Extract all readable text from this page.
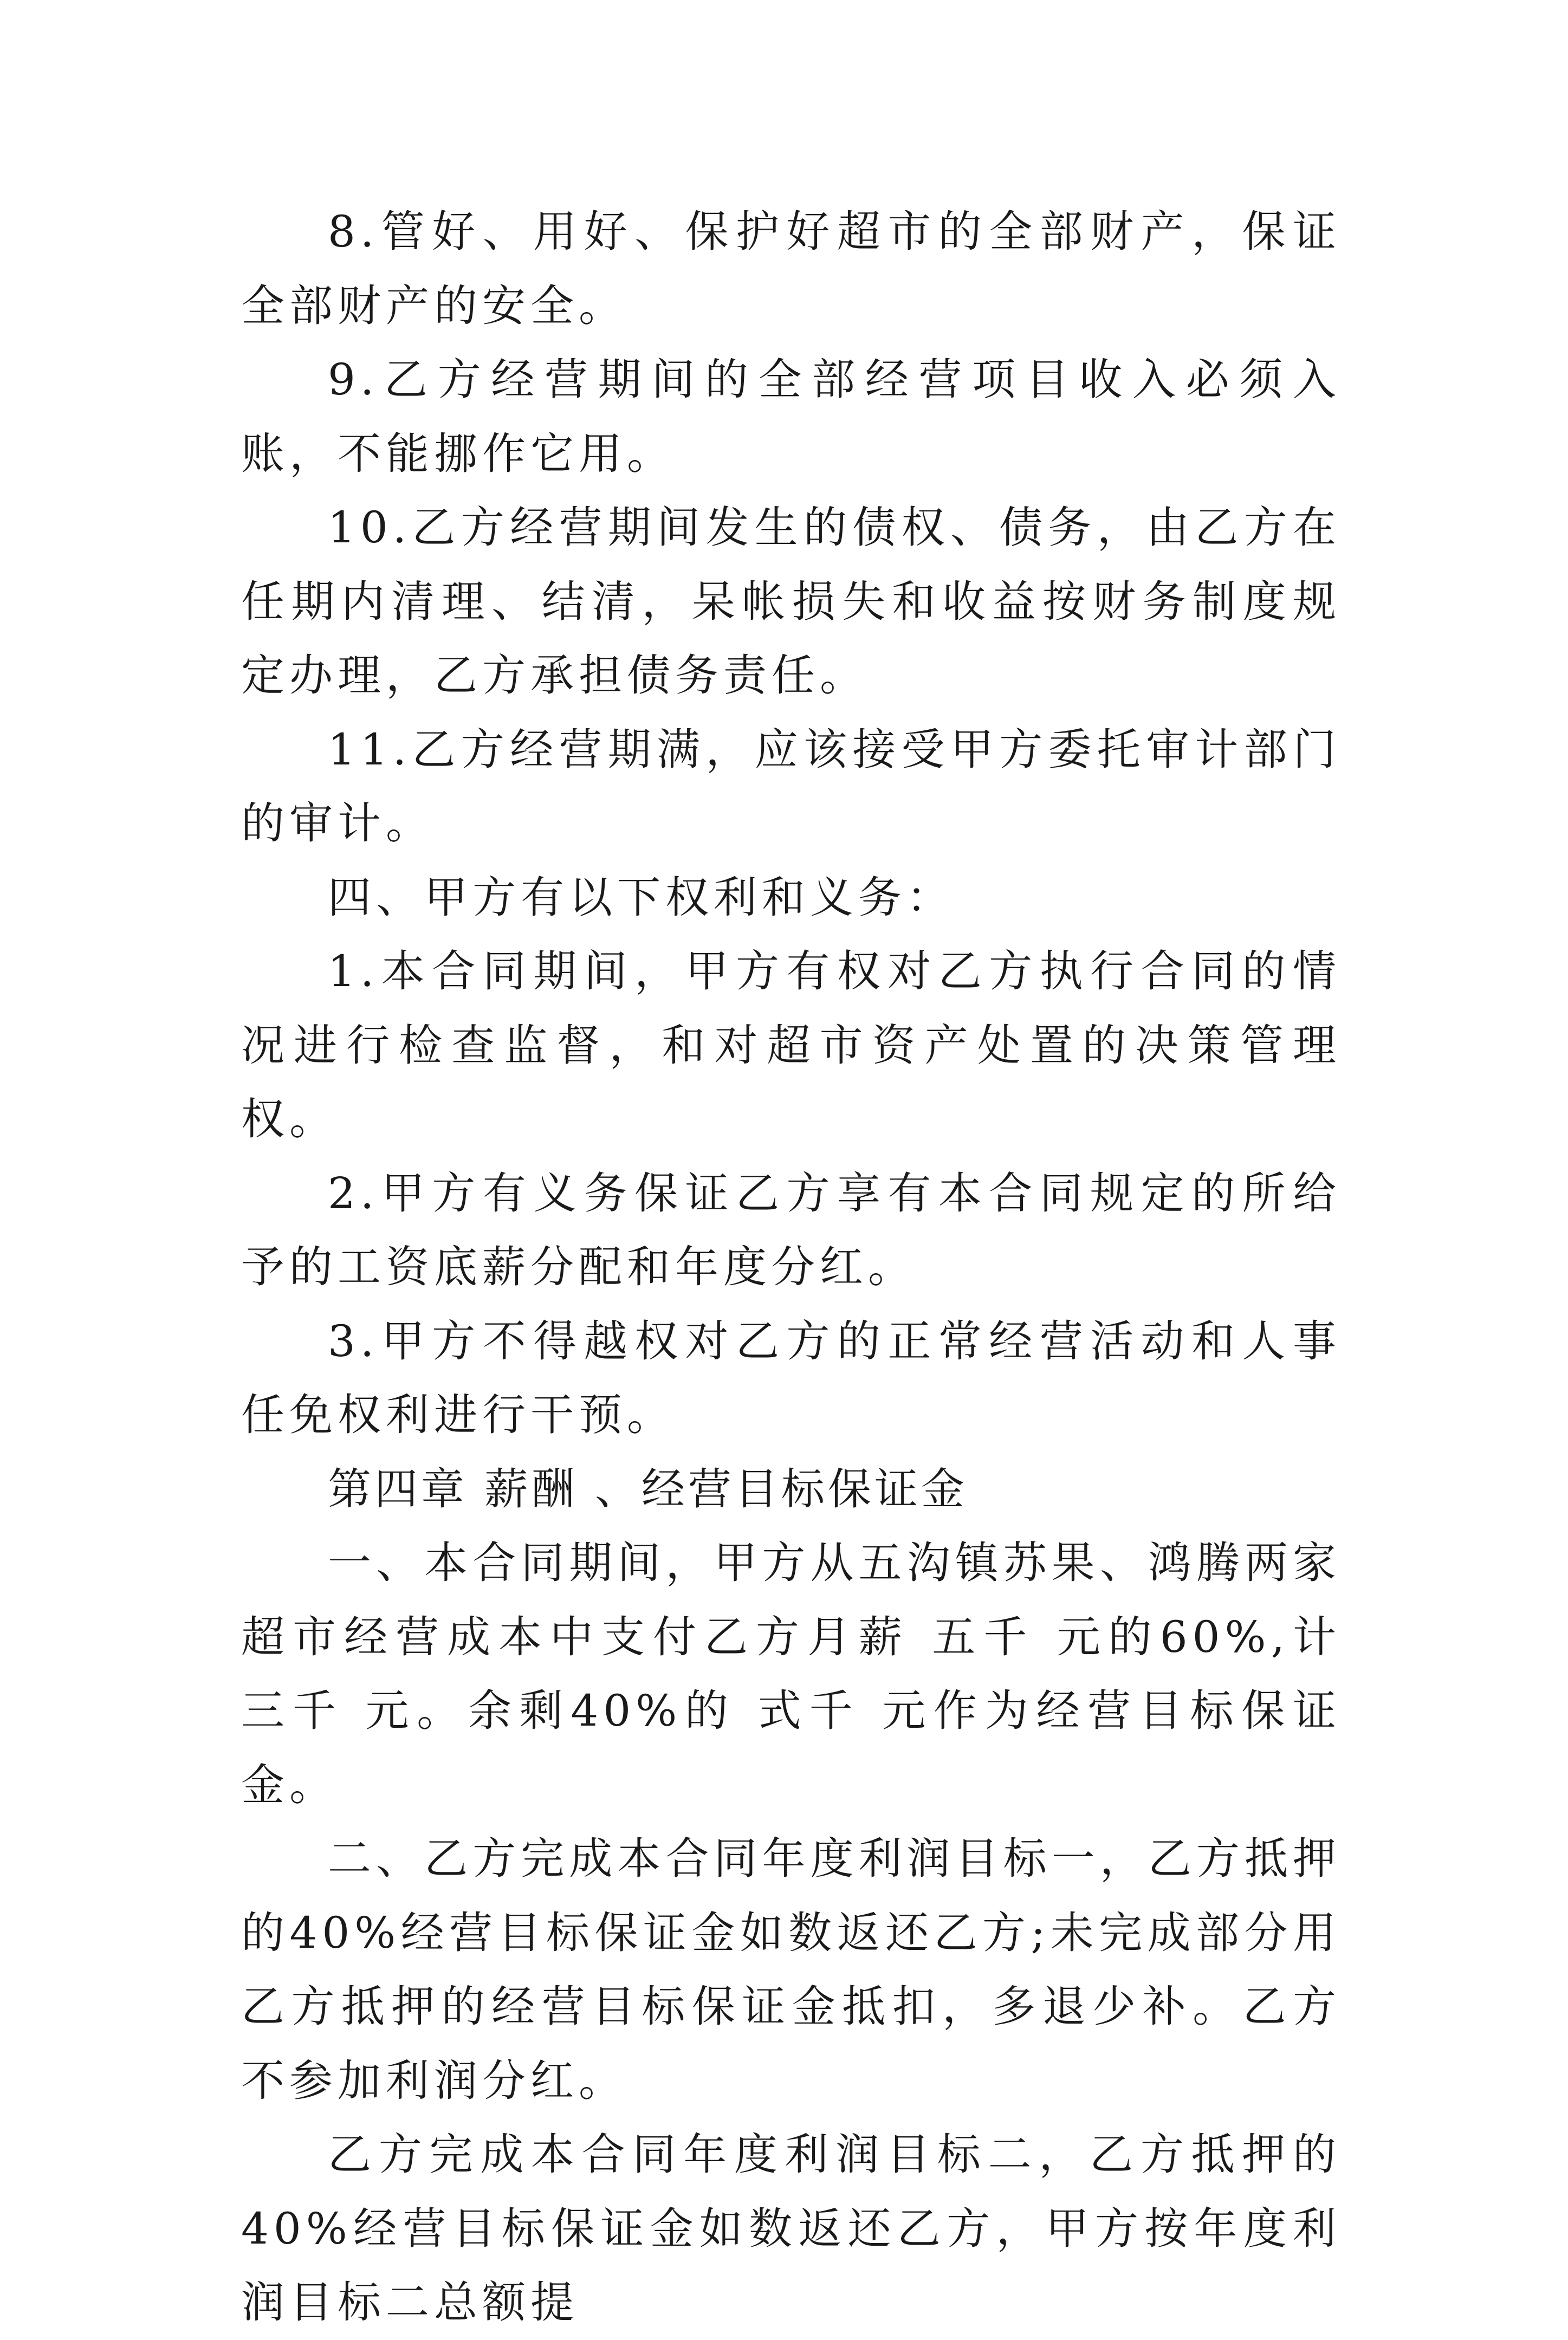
8.管好、用好、保护好超市的全部财产，保证全部财产的安全。

9.乙方经营期间的全部经营项目收入必须入账，不能挪作它用。

10.乙方经营期间发生的债权、债务，由乙方在任期内清理、结清，呆帐损失和收益按财务制度规定办理，乙方承担债务责任。

11.乙方经营期满，应该接受甲方委托审计部门的审计。

四、甲方有以下权利和义务：

1.本合同期间，甲方有权对乙方执行合同的情况进行检查监督，和对超市资产处置的决策管理权。

2.甲方有义务保证乙方享有本合同规定的所给予的工资底薪分配和年度分红。

3.甲方不得越权对乙方的正常经营活动和人事任免权利进行干预。

第四章 薪酬 、经营目标保证金

一、本合同期间，甲方从五沟镇苏果、鸿腾两家超市经营成本中支付乙方月薪 五千 元的60%,计 三千 元。余剩40%的 式千 元作为经营目标保证金。

二、乙方完成本合同年度利润目标一，乙方抵押的40%经营目标保证金如数返还乙方;未完成部分用乙方抵押的经营目标保证金抵扣，多退少补。乙方不参加利润分红。

乙方完成本合同年度利润目标二，乙方抵押的40%经营目标保证金如数返还乙方，甲方按年度利润目标二总额提
